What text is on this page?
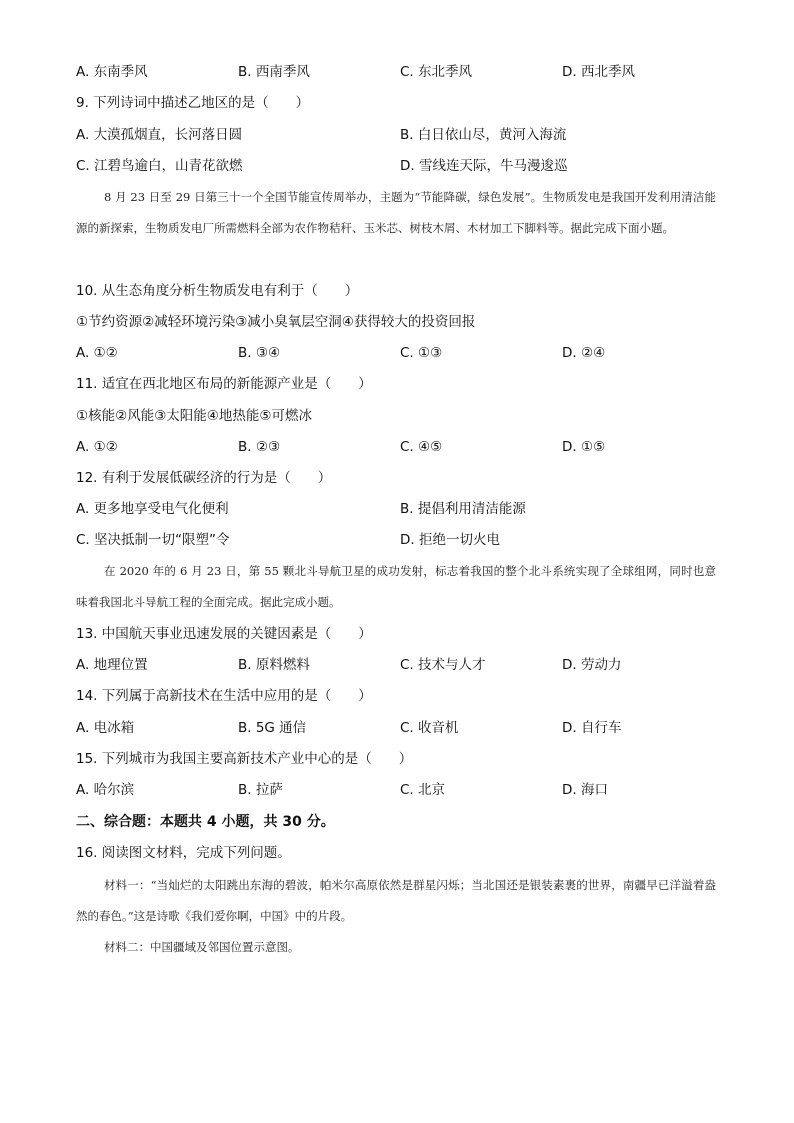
A. 东南季风	B. 西南季风	C. 东北季风	D. 西北季风
9. 下列诗词中描述乙地区的是（　　）
A. 大漠孤烟直，长河落日圆	B. 白日依山尽，黄河入海流
C. 江碧鸟逾白，山青花欲燃	D. 雪线连天际，牛马漫逡巡
8 月 23 日至 29 日第三十一个全国节能宣传周举办，主题为“节能降碳，绿色发展”。生物质发电是我国开发利用清洁能源的新探索，生物质发电厂所需燃料全部为农作物秸秆、玉米芯、树枝木屑、木材加工下脚料等。据此完成下面小题。
10. 从生态角度分析生物质发电有利于（　　）
①节约资源②减轻环境污染③减小臭氧层空洞④获得较大的投资回报
A. ①②	B. ③④	C. ①③	D. ②④
11. 适宜在西北地区布局的新能源产业是（　　）
①核能②风能③太阳能④地热能⑤可燃冰
A. ①②	B. ②③	C. ④⑤	D. ①⑤
12. 有利于发展低碳经济的行为是（　　）
A. 更多地享受电气化便利	B. 提倡利用清洁能源
C. 坚决抵制一切“限塑”令	D. 拒绝一切火电
在 2020 年的 6 月 23 日，第 55 颗北斗导航卫星的成功发射，标志着我国的整个北斗系统实现了全球组网，同时也意味着我国北斗导航工程的全面完成。据此完成小题。
13. 中国航天事业迅速发展的关键因素是（　　）
A. 地理位置	B. 原料燃料	C. 技术与人才	D. 劳动力
14. 下列属于高新技术在生活中应用的是（　　）
A. 电冰箱	B. 5G 通信	C. 收音机	D. 自行车
15. 下列城市为我国主要高新技术产业中心的是（　　）
A. 哈尔滨	B. 拉萨	C. 北京	D. 海口
二、综合题：本题共 4 小题，共 30 分。
16. 阅读图文材料，完成下列问题。
材料一：“当灿烂的太阳跳出东海的碧波，帕米尔高原依然是群星闪烁；当北国还是银装素裹的世界，南疆早已洋溢着盎然的春色。”这是诗歌《我们爱你啊，中国》中的片段。
材料二：中国疆域及邻国位置示意图。
